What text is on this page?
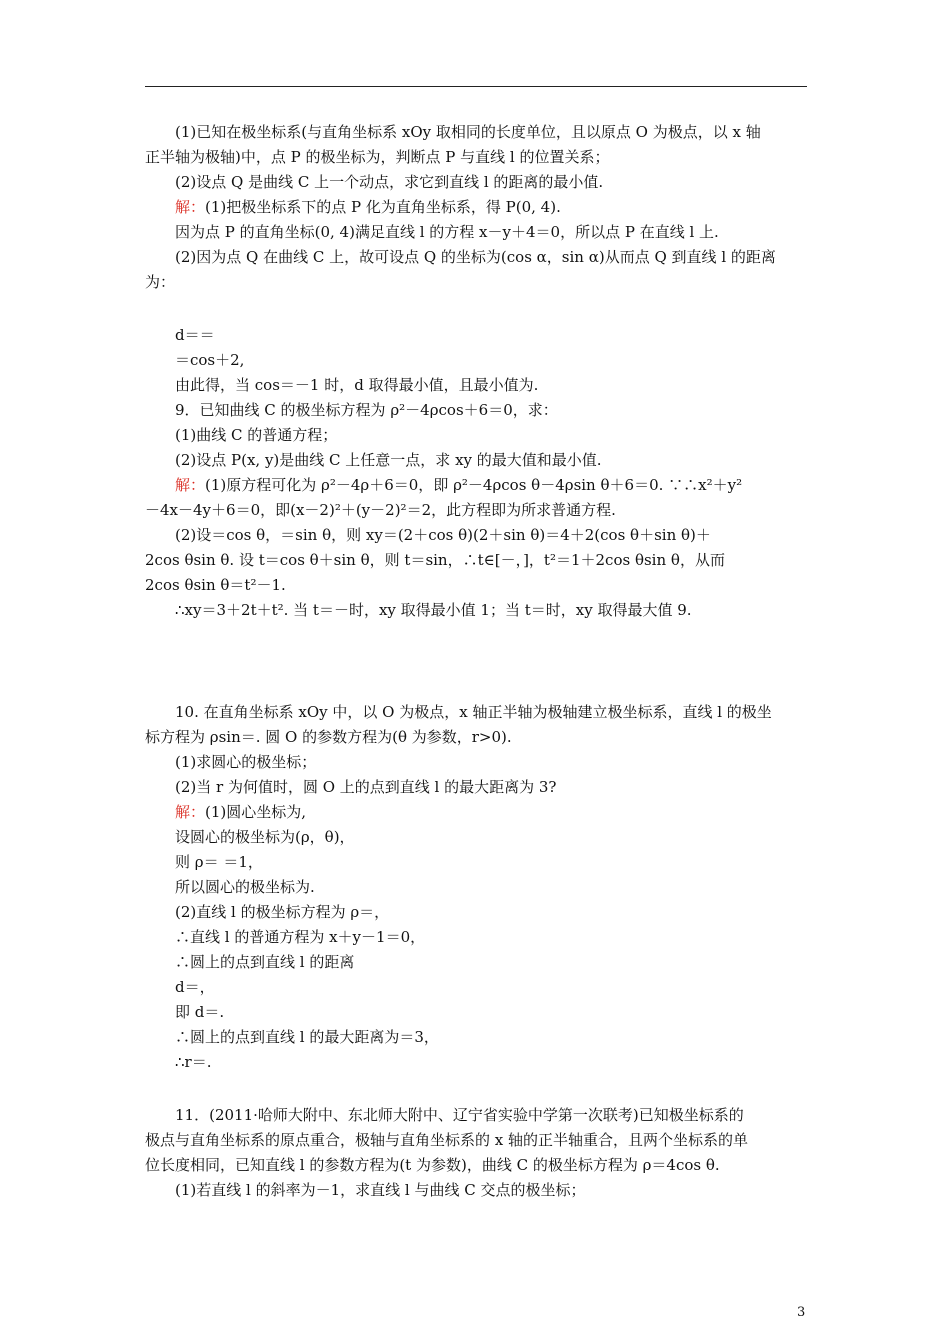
(1)已知在极坐标系(与直角坐标系 xOy 取相同的长度单位，且以原点 O 为极点，以 x 轴
正半轴为极轴)中，点 P 的极坐标为，判断点 P 与直线 l 的位置关系；
(2)设点 Q 是曲线 C 上一个动点，求它到直线 l 的距离的最小值.
解：(1)把极坐标系下的点 P 化为直角坐标系，得 P(0, 4).
因为点 P 的直角坐标(0, 4)满足直线 l 的方程 x－y＋4＝0，所以点 P 在直线 l 上.
(2)因为点 Q 在曲线 C 上，故可设点 Q 的坐标为(cos α，sin α)从而点 Q 到直线 l 的距离
为：
d＝＝
＝cos＋2,
由此得，当 cos＝－1 时，d 取得最小值，且最小值为.
9．已知曲线 C 的极坐标方程为 ρ²－4ρcos＋6＝0，求：
(1)曲线 C 的普通方程；
(2)设点 P(x, y)是曲线 C 上任意一点，求 xy 的最大值和最小值.
解：(1)原方程可化为 ρ²－4ρ＋6＝0，即 ρ²－4ρcos θ－4ρsin θ＋6＝0. ∵∴x²＋y²
－4x－4y＋6＝0，即(x－2)²＋(y－2)²＝2，此方程即为所求普通方程.
(2)设＝cos θ，＝sin θ，则 xy＝(2＋cos θ)(2＋sin θ)＝4＋2(cos θ＋sin θ)＋
2cos θsin θ. 设 t＝cos θ＋sin θ，则 t＝sin，∴t∈[－，]，t²＝1＋2cos θsin θ，从而
2cos θsin θ＝t²－1.
∴xy＝3＋2t＋t². 当 t＝－时，xy 取得最小值 1；当 t＝时，xy 取得最大值 9.
10. 在直角坐标系 xOy 中，以 O 为极点，x 轴正半轴为极轴建立极坐标系，直线 l 的极坐
标方程为 ρsin＝. 圆 O 的参数方程为(θ 为参数，r>0).
(1)求圆心的极坐标；
(2)当 r 为何值时，圆 O 上的点到直线 l 的最大距离为 3?
解：(1)圆心坐标为,
设圆心的极坐标为(ρ，θ)，
则 ρ＝ ＝1，
所以圆心的极坐标为.
(2)直线 l 的极坐标方程为 ρ＝，
∴直线 l 的普通方程为 x＋y－1＝0，
∴圆上的点到直线 l 的距离
d＝，
即 d＝.
∴圆上的点到直线 l 的最大距离为＝3，
∴r＝.
11．(2011·哈师大附中、东北师大附中、辽宁省实验中学第一次联考)已知极坐标系的
极点与直角坐标系的原点重合，极轴与直角坐标系的 x 轴的正半轴重合，且两个坐标系的单
位长度相同，已知直线 l 的参数方程为(t 为参数)，曲线 C 的极坐标方程为 ρ＝4cos θ.
(1)若直线 l 的斜率为－1，求直线 l 与曲线 C 交点的极坐标；
3
